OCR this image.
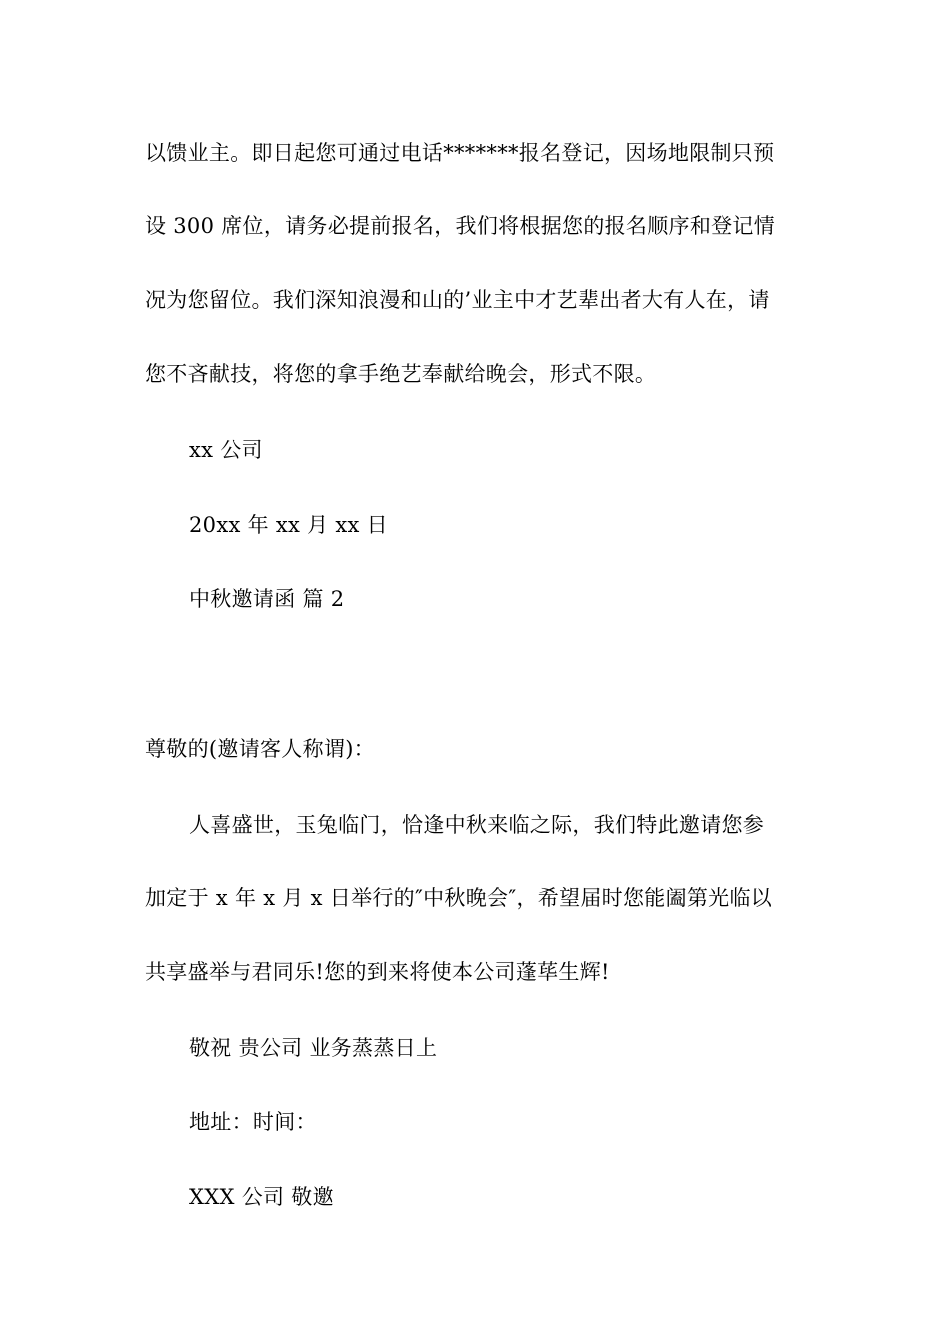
以馈业主。即日起您可通过电话*******报名登记，因场地限制只预
设 300 席位，请务必提前报名，我们将根据您的报名顺序和登记情
况为您留位。我们深知浪漫和山的’业主中才艺辈出者大有人在，请
您不吝献技，将您的拿手绝艺奉献给晚会，形式不限。
xx 公司
20xx 年 xx 月 xx 日
中秋邀请函 篇 2
尊敬的(邀请客人称谓)：
人喜盛世，玉兔临门，恰逢中秋来临之际，我们特此邀请您参
加定于 x 年 x 月 x 日举行的″中秋晚会″，希望届时您能阖第光临以
共享盛举与君同乐!您的到来将使本公司蓬荜生辉!
敬祝 贵公司 业务蒸蒸日上
地址：时间：
XXX 公司 敬邀
